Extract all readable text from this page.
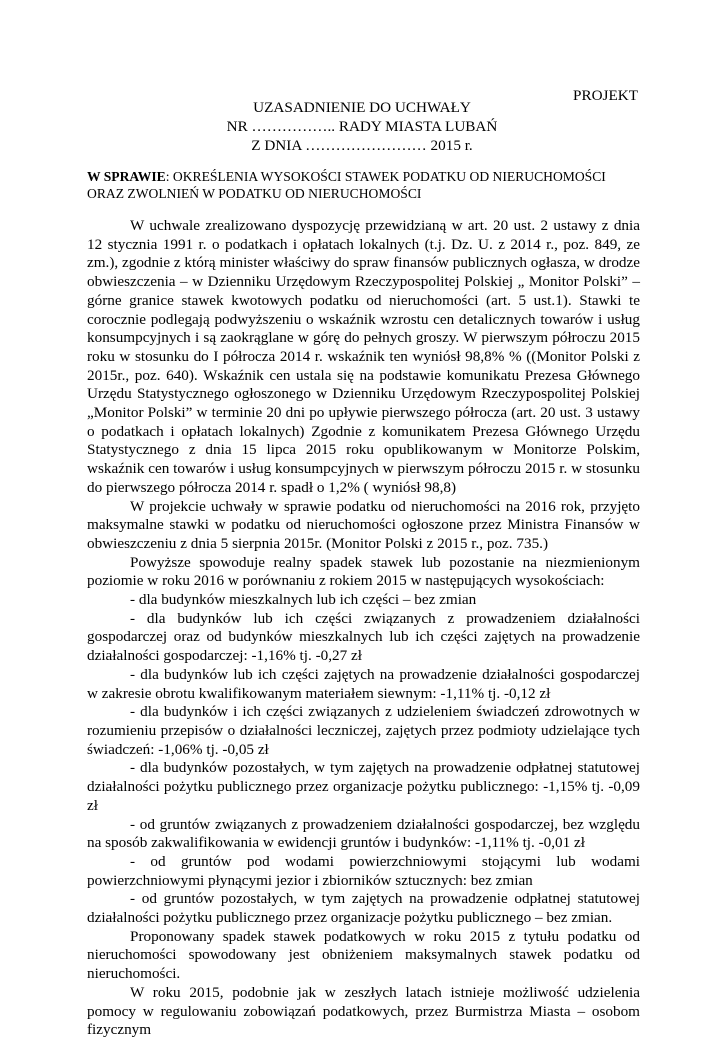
PROJEKT
UZASADNIENIE DO UCHWAŁY
NR …………….. RADY MIASTA LUBAŃ
Z DNIA …………………… 2015 r.
W SPRAWIE: OKREŚLENIA WYSOKOŚCI STAWEK PODATKU OD NIERUCHOMOŚCI ORAZ ZWOLNIEŃ W PODATKU OD NIERUCHOMOŚCI

W uchwale zrealizowano dyspozycję przewidzianą w art. 20 ust. 2 ustawy z dnia 12 stycznia 1991 r. o podatkach i opłatach lokalnych (t.j. Dz. U. z 2014 r., poz. 849, ze zm.), zgodnie z którą minister właściwy do spraw finansów publicznych ogłasza, w drodze obwieszczenia – w Dzienniku Urzędowym Rzeczypospolitej Polskiej „ Monitor Polski” – górne granice stawek kwotowych podatku od nieruchomości (art. 5 ust.1). Stawki te corocznie podlegają podwyższeniu o wskaźnik wzrostu cen detalicznych towarów i usług konsumpcyjnych i są zaokrąglane w górę do pełnych groszy. W pierwszym półroczu 2015 roku w stosunku do I półrocza 2014 r. wskaźnik ten wyniósł 98,8% % ((Monitor Polski z 2015r., poz. 640). Wskaźnik cen ustala się na podstawie komunikatu Prezesa Głównego Urzędu Statystycznego ogłoszonego w Dzienniku Urzędowym Rzeczypospolitej Polskiej „Monitor Polski” w terminie 20 dni po upływie pierwszego półrocza (art. 20 ust. 3 ustawy o podatkach i opłatach lokalnych) Zgodnie z komunikatem Prezesa Głównego Urzędu Statystycznego z dnia 15 lipca 2015 roku opublikowanym w Monitorze Polskim, wskaźnik cen towarów i usług konsumpcyjnych w pierwszym półroczu 2015 r. w stosunku do pierwszego półrocza 2014 r. spadł o 1,2% ( wyniósł 98,8)

W projekcie uchwały w sprawie podatku od nieruchomości na 2016 rok, przyjęto maksymalne stawki w podatku od nieruchomości ogłoszone przez Ministra Finansów w obwieszczeniu z dnia 5 sierpnia 2015r. (Monitor Polski z 2015 r., poz. 735.)

Powyższe spowoduje realny spadek stawek lub pozostanie na niezmienionym poziomie w roku 2016 w porównaniu z rokiem 2015 w następujących wysokościach:

- dla budynków mieszkalnych lub ich części – bez zmian

- dla budynków lub ich części związanych z prowadzeniem działalności gospodarczej oraz od budynków mieszkalnych lub ich części zajętych na prowadzenie działalności gospodarczej: -1,16% tj. -0,27 zł

- dla budynków lub ich części zajętych na prowadzenie działalności gospodarczej w zakresie obrotu kwalifikowanym materiałem siewnym: -1,11% tj. -0,12 zł

- dla budynków i ich części związanych z udzieleniem świadczeń zdrowotnych w rozumieniu przepisów o działalności leczniczej, zajętych przez podmioty udzielające tych świadczeń: -1,06% tj. -0,05 zł

- dla budynków pozostałych, w tym zajętych na prowadzenie odpłatnej statutowej działalności pożytku publicznego przez organizacje pożytku publicznego: -1,15% tj. -0,09 zł

- od gruntów związanych z prowadzeniem działalności gospodarczej, bez względu na sposób zakwalifikowania w ewidencji gruntów i budynków: -1,11% tj. -0,01 zł

- od gruntów pod wodami powierzchniowymi stojącymi lub wodami powierzchniowymi płynącymi jezior i zbiorników sztucznych: bez zmian

- od gruntów pozostałych, w tym zajętych na prowadzenie odpłatnej statutowej działalności pożytku publicznego przez organizacje pożytku publicznego – bez zmian.

Proponowany spadek stawek podatkowych w roku 2015 z tytułu podatku od nieruchomości spowodowany jest obniżeniem maksymalnych stawek podatku od nieruchomości.

W roku 2015, podobnie jak w zeszłych latach istnieje możliwość udzielenia pomocy w regulowaniu zobowiązań podatkowych, przez Burmistrza Miasta – osobom fizycznym
